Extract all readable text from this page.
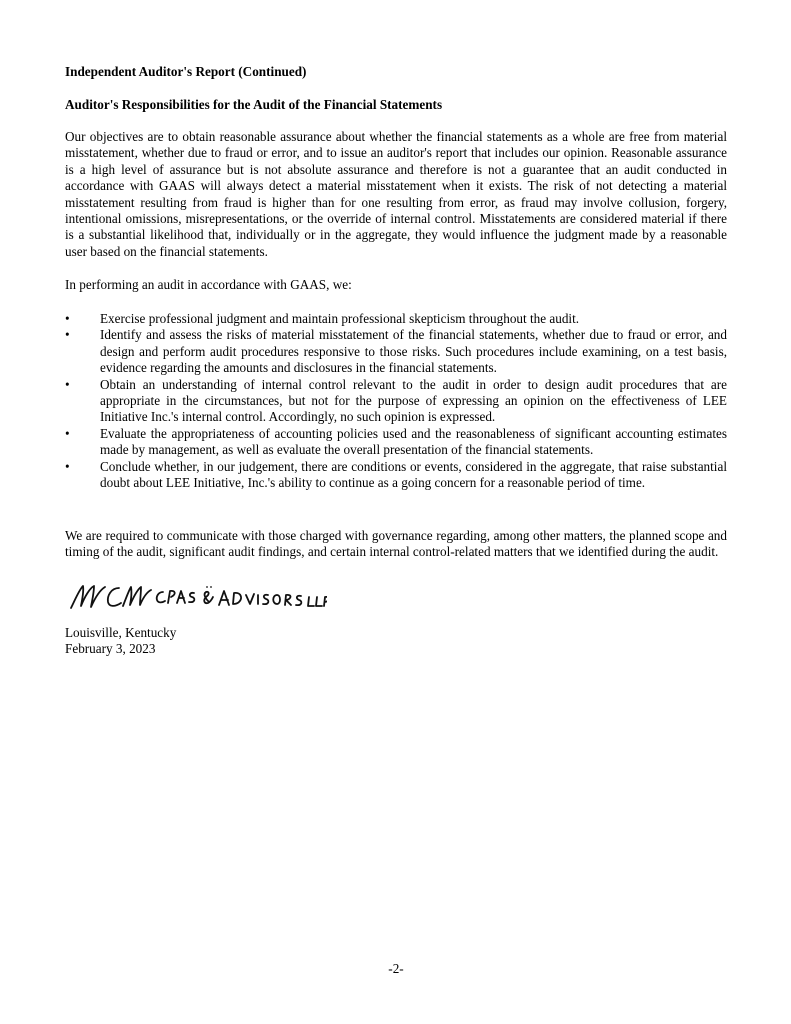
Independent Auditor's Report (Continued)
Auditor's Responsibilities for the Audit of the Financial Statements
Our objectives are to obtain reasonable assurance about whether the financial statements as a whole are free from material misstatement, whether due to fraud or error, and to issue an auditor's report that includes our opinion. Reasonable assurance is a high level of assurance but is not absolute assurance and therefore is not a guarantee that an audit conducted in accordance with GAAS will always detect a material misstatement when it exists. The risk of not detecting a material misstatement resulting from fraud is higher than for one resulting from error, as fraud may involve collusion, forgery, intentional omissions, misrepresentations, or the override of internal control. Misstatements are considered material if there is a substantial likelihood that, individually or in the aggregate, they would influence the judgment made by a reasonable user based on the financial statements.
In performing an audit in accordance with GAAS, we:
•	Exercise professional judgment and maintain professional skepticism throughout the audit.
•	Identify and assess the risks of material misstatement of the financial statements, whether due to fraud or error, and design and perform audit procedures responsive to those risks. Such procedures include examining, on a test basis, evidence regarding the amounts and disclosures in the financial statements.
•	Obtain an understanding of internal control relevant to the audit in order to design audit procedures that are appropriate in the circumstances, but not for the purpose of expressing an opinion on the effectiveness of LEE Initiative Inc.'s internal control. Accordingly, no such opinion is expressed.
•	Evaluate the appropriateness of accounting policies used and the reasonableness of significant accounting estimates made by management, as well as evaluate the overall presentation of the financial statements.
•	Conclude whether, in our judgement, there are conditions or events, considered in the aggregate, that raise substantial doubt about LEE Initiative, Inc.'s ability to continue as a going concern for a reasonable period of time.
We are required to communicate with those charged with governance regarding, among other matters, the planned scope and timing of the audit, significant audit findings, and certain internal control-related matters that we identified during the audit.
Louisville, Kentucky
February 3, 2023
-2-
